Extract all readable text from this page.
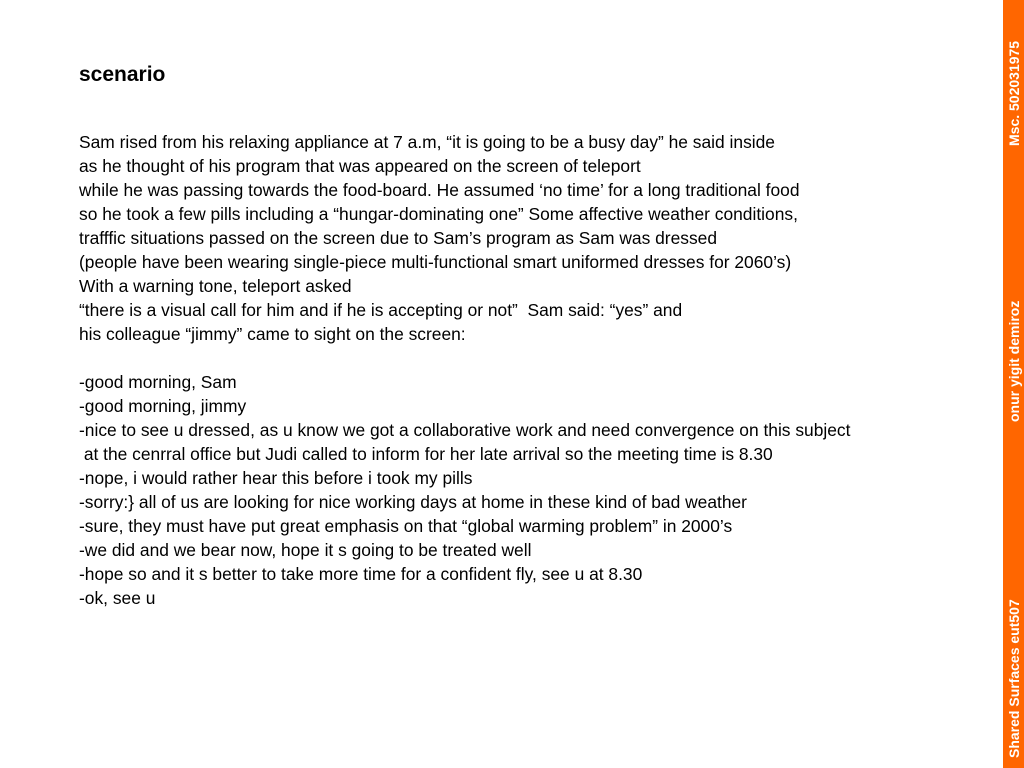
scenario
Sam rised from his relaxing appliance at 7 a.m, “it is going to be a busy day” he said inside
as he thought of his program that was appeared on the screen of teleport
while he was passing towards the food-board. He assumed ‘no time’ for a long traditional food
so he took a few pills including a “hungar-dominating one” Some affective weather conditions,
trafffic situations passed on the screen due to Sam’s program as Sam was dressed
(people have been wearing single-piece multi-functional smart uniformed dresses for 2060’s)
With a warning tone, teleport asked
“there is a visual call for him and if he is accepting or not”  Sam said: “yes” and
his colleague “jimmy” came to sight on the screen:
-good morning, Sam
-good morning, jimmy
-nice to see u dressed, as u know we got a collaborative work and need convergence on this subject
at the cenrral office but Judi called to inform for her late arrival so the meeting time is 8.30
-nope, i would rather hear this before i took my pills
-sorry:} all of us are looking for nice working days at home in these kind of bad weather
-sure, they must have put great emphasis on that “global warming problem” in 2000’s
-we did and we bear now, hope it s going to be treated well
-hope so and it s better to take more time for a confident fly, see u at 8.30
-ok, see u
Shared Surfaces eut507
onur yigit demiroz
Msc. 502031975
